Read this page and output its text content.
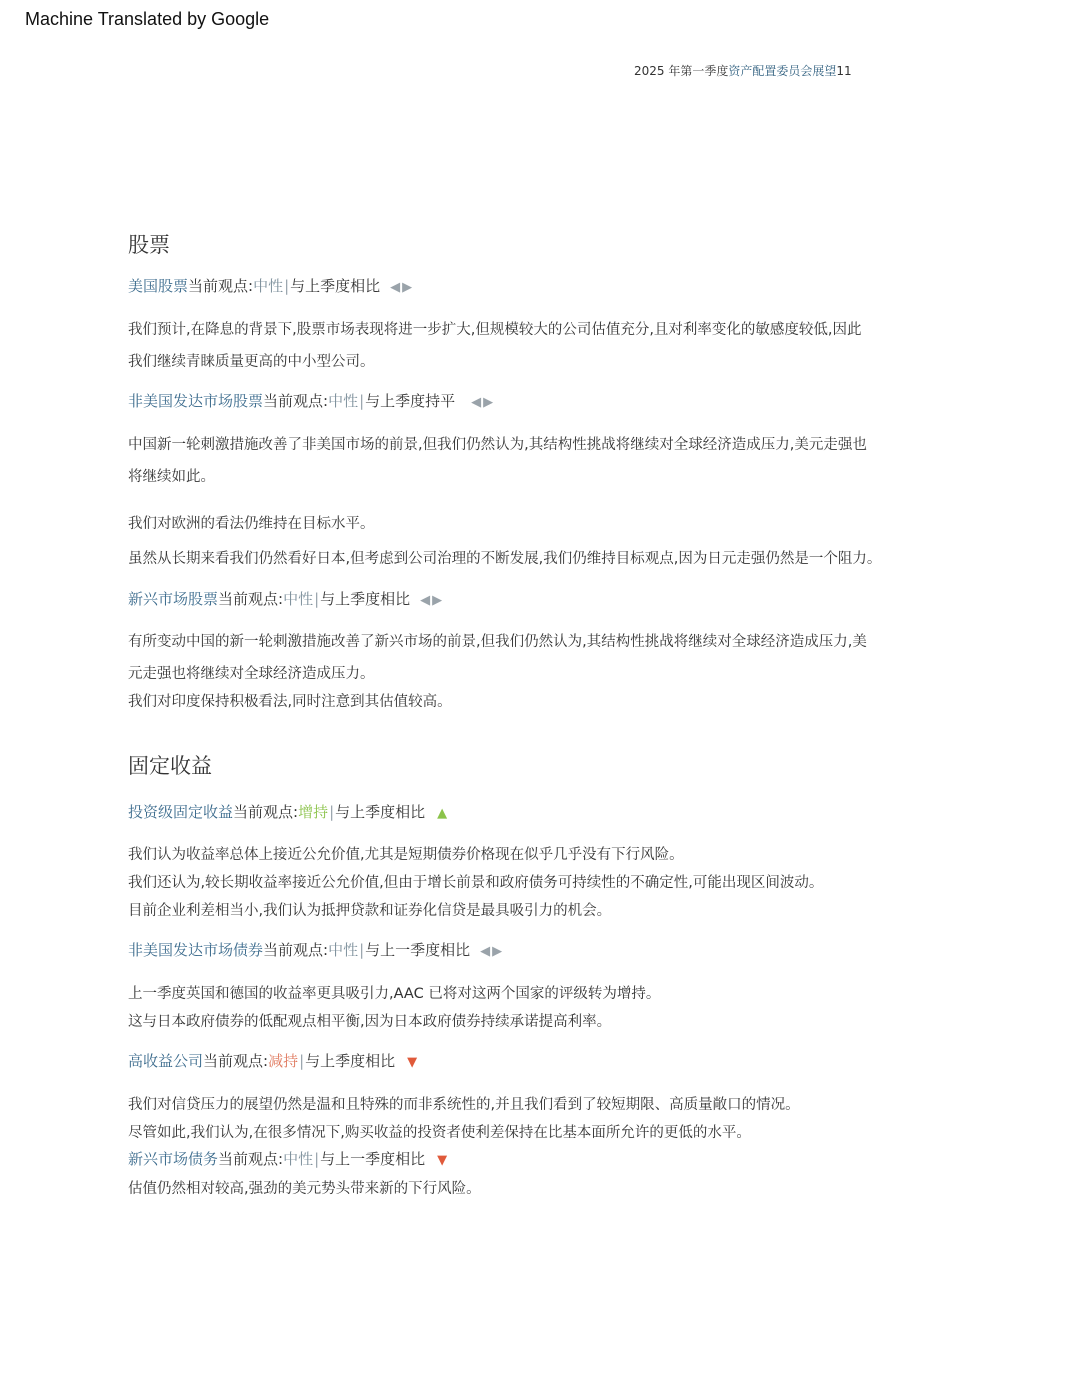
Machine Translated by Google

2025 年第一季度资产配置委员会展望11

股票

美国股票当前观点:中性|与上季度相比 ◀▶

我们预计,在降息的背景下,股票市场表现将进一步扩大,但规模较大的公司估值充分,且对利率变化的敏感度较低,因此

我们继续青睐质量更高的中小型公司。

非美国发达市场股票当前观点:中性|与上季度持平 ◀▶

中国新一轮刺激措施改善了非美国市场的前景,但我们仍然认为,其结构性挑战将继续对全球经济造成压力,美元走强也

将继续如此。

我们对欧洲的看法仍维持在目标水平。

虽然从长期来看我们仍然看好日本,但考虑到公司治理的不断发展,我们仍维持目标观点,因为日元走强仍然是一个阻力。

新兴市场股票当前观点:中性|与上季度相比 ◀▶

有所变动中国的新一轮刺激措施改善了新兴市场的前景,但我们仍然认为,其结构性挑战将继续对全球经济造成压力,美

元走强也将继续对全球经济造成压力。

我们对印度保持积极看法,同时注意到其估值较高。

固定收益

投资级固定收益当前观点:增持|与上季度相比 ▲

我们认为收益率总体上接近公允价值,尤其是短期债券价格现在似乎几乎没有下行风险。

我们还认为,较长期收益率接近公允价值,但由于增长前景和政府债务可持续性的不确定性,可能出现区间波动。

目前企业利差相当小,我们认为抵押贷款和证券化信贷是最具吸引力的机会。

非美国发达市场债券当前观点:中性|与上一季度相比 ◀▶

上一季度英国和德国的收益率更具吸引力,AAC 已将对这两个国家的评级转为增持。

这与日本政府债券的低配观点相平衡,因为日本政府债券持续承诺提高利率。

高收益公司当前观点:减持|与上季度相比 ▼

我们对信贷压力的展望仍然是温和且特殊的而非系统性的,并且我们看到了较短期限、高质量敞口的情况。

尽管如此,我们认为,在很多情况下,购买收益的投资者使利差保持在比基本面所允许的更低的水平。

新兴市场债务当前观点:中性|与上一季度相比 ▼

估值仍然相对较高,强劲的美元势头带来新的下行风险。
